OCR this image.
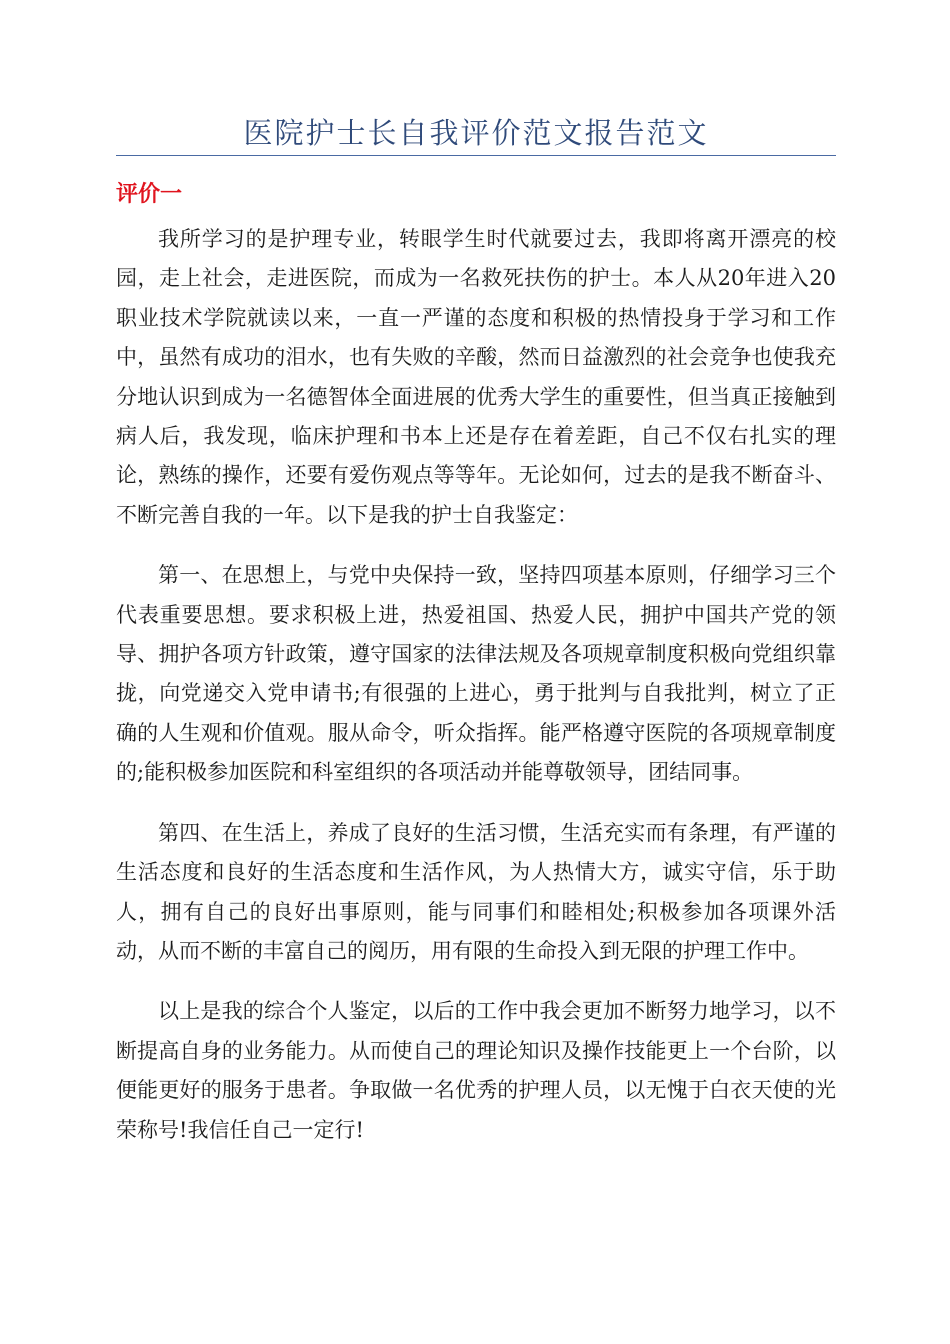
医院护士长自我评价范文报告范文
评价一

我所学习的是护理专业，转眼学生时代就要过去，我即将离开漂亮的校园，走上社会，走进医院，而成为一名救死扶伤的护士。本人从20年进入20职业技术学院就读以来，一直一严谨的态度和积极的热情投身于学习和工作中，虽然有成功的泪水，也有失败的辛酸，然而日益激烈的社会竞争也使我充分地认识到成为一名德智体全面进展的优秀大学生的重要性，但当真正接触到病人后，我发现，临床护理和书本上还是存在着差距，自己不仅右扎实的理论，熟练的操作，还要有爱伤观点等等年。无论如何，过去的是我不断奋斗、不断完善自我的一年。以下是我的护士自我鉴定：

第一、在思想上，与党中央保持一致，坚持四项基本原则，仔细学习三个代表重要思想。要求积极上进，热爱祖国、热爱人民，拥护中国共产党的领导、拥护各项方针政策，遵守国家的法律法规及各项规章制度积极向党组织靠拢，向党递交入党申请书;有很强的上进心，勇于批判与自我批判，树立了正确的人生观和价值观。服从命令，听众指挥。能严格遵守医院的各项规章制度的;能积极参加医院和科室组织的各项活动并能尊敬领导，团结同事。

第四、在生活上，养成了良好的生活习惯，生活充实而有条理，有严谨的生活态度和良好的生活态度和生活作风，为人热情大方，诚实守信，乐于助人，拥有自己的良好出事原则，能与同事们和睦相处;积极参加各项课外活动，从而不断的丰富自己的阅历，用有限的生命投入到无限的护理工作中。

以上是我的综合个人鉴定，以后的工作中我会更加不断努力地学习，以不断提高自身的业务能力。从而使自己的理论知识及操作技能更上一个台阶，以便能更好的服务于患者。争取做一名优秀的护理人员，以无愧于白衣天使的光荣称号!我信任自己一定行!
